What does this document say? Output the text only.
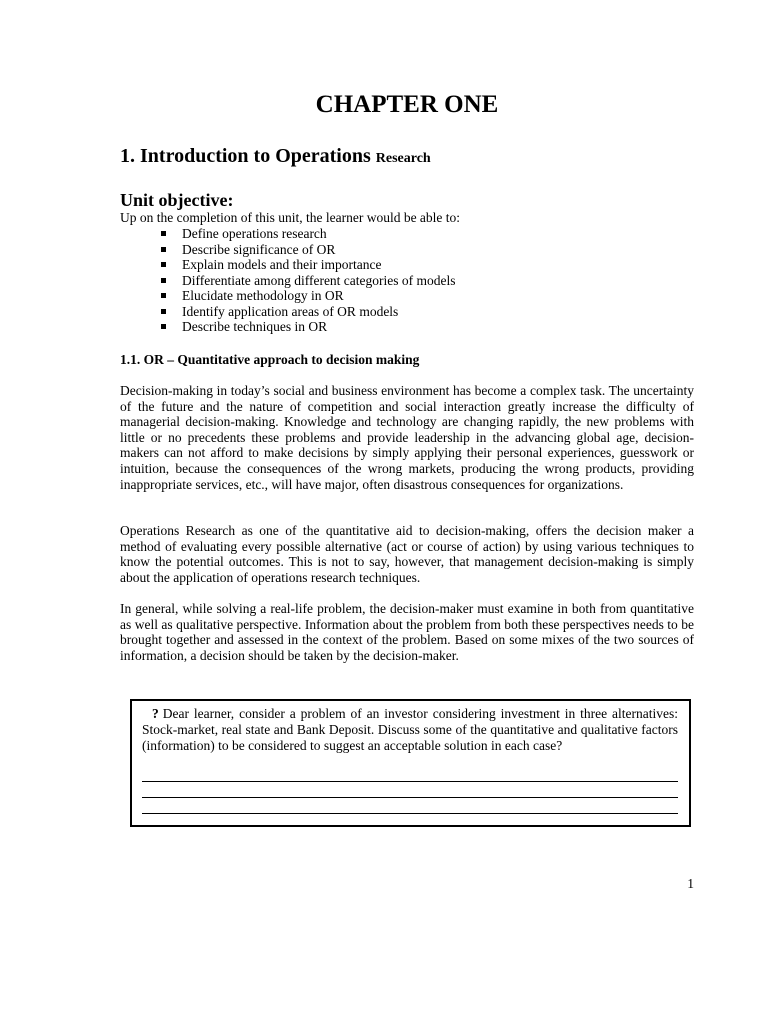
CHAPTER ONE
1. Introduction to Operations Research
Unit objective:

Up on the completion of this unit, the learner would be able to:

Define operations research
Describe significance of OR
Explain models and their importance
Differentiate among different categories of models
Elucidate methodology in OR
Identify application areas of OR models
Describe techniques in OR
1.1. OR – Quantitative approach to decision making

Decision-making in today’s social and business environment has become a complex task. The uncertainty of the future and the nature of competition and social interaction greatly increase the difficulty of managerial decision-making. Knowledge and technology are changing rapidly, the new problems with little or no precedents these problems and provide leadership in the advancing global age, decision-makers can not afford to make decisions by simply applying their personal experiences, guesswork or intuition, because the consequences of the wrong markets, producing the wrong products, providing inappropriate services, etc., will have major, often disastrous consequences for organizations.

Operations Research as one of the quantitative aid to decision-making, offers the decision maker a method of evaluating every possible alternative (act or course of action) by using various techniques to know the potential outcomes. This is not to say, however, that management decision-making is simply about the application of operations research techniques.

In general, while solving a real-life problem, the decision-maker must examine in both from quantitative as well as qualitative perspective. Information about the problem from both these perspectives needs to be brought together and assessed in the context of the problem. Based on some mixes of the two sources of information, a decision should be taken by the decision-maker.

? Dear learner, consider a problem of an investor considering investment in three alternatives: Stock-market, real state and Bank Deposit. Discuss some of the quantitative and qualitative factors (information) to be considered to suggest an acceptable solution in each case?

1
